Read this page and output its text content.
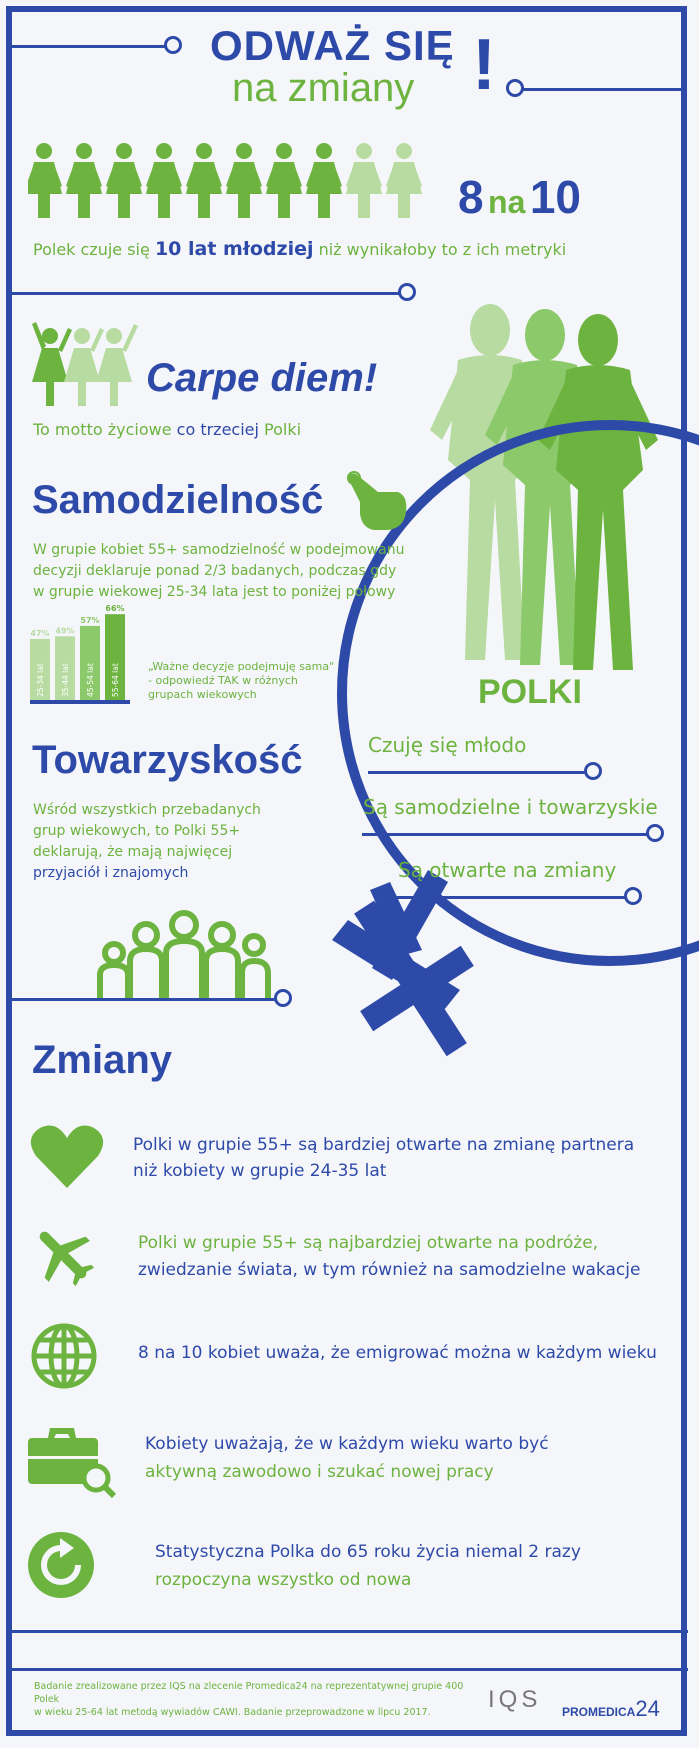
ODWAŻ SIĘ
na zmiany !
8 na 10
Polek czuje się 10 lat młodziej niż wynikałoby to z ich metryki
Carpe diem!
To motto życiowe co trzeciej Polki
Samodzielność
W grupie kobiet 55+ samodzielność w podejmowanu
decyzji deklaruje ponad 2/3 badanych, podczas gdy
w grupie wiekowej 25-34 lata jest to poniżej połowy
47%
25-34 lat
49%
35-44 lat
57%
45-54 lat
66%
55-64 lat	„Ważne decyzje podejmuję sama"
- odpowiedź TAK w różnych
grupach wiekowych	POLKI
Czuję się młodo
Są samodzielne i towarzyskie
Są otwarte na zmiany
Towarzyskość
Wśród wszystkich przebadanych
grup wiekowych, to Polki 55+
deklarują, że mają najwięcej
przyjaciół i znajomych
Zmiany
Polki w grupie 55+ są bardziej otwarte na zmianę partnera
niż kobiety w grupie 24-35 lat
Polki w grupie 55+ są najbardziej otwarte na podróże,
zwiedzanie świata, w tym również na samodzielne wakacje
8 na 10 kobiet uważa, że emigrować można w każdym wieku
Kobiety uważają, że w każdym wieku warto być
aktywną zawodowo i szukać nowej pracy
Statystyczna Polka do 65 roku życia niemal 2 razy
rozpoczyna wszystko od nowa
Badanie zrealizowane przez IQS na zlecenie Promedica24 na reprezentatywnej grupie 400 Polek
w wieku 25-64 lat metodą wywiadów CAWI. Badanie przeprowadzone w lipcu 2017.	IQS PROMEDICA24
